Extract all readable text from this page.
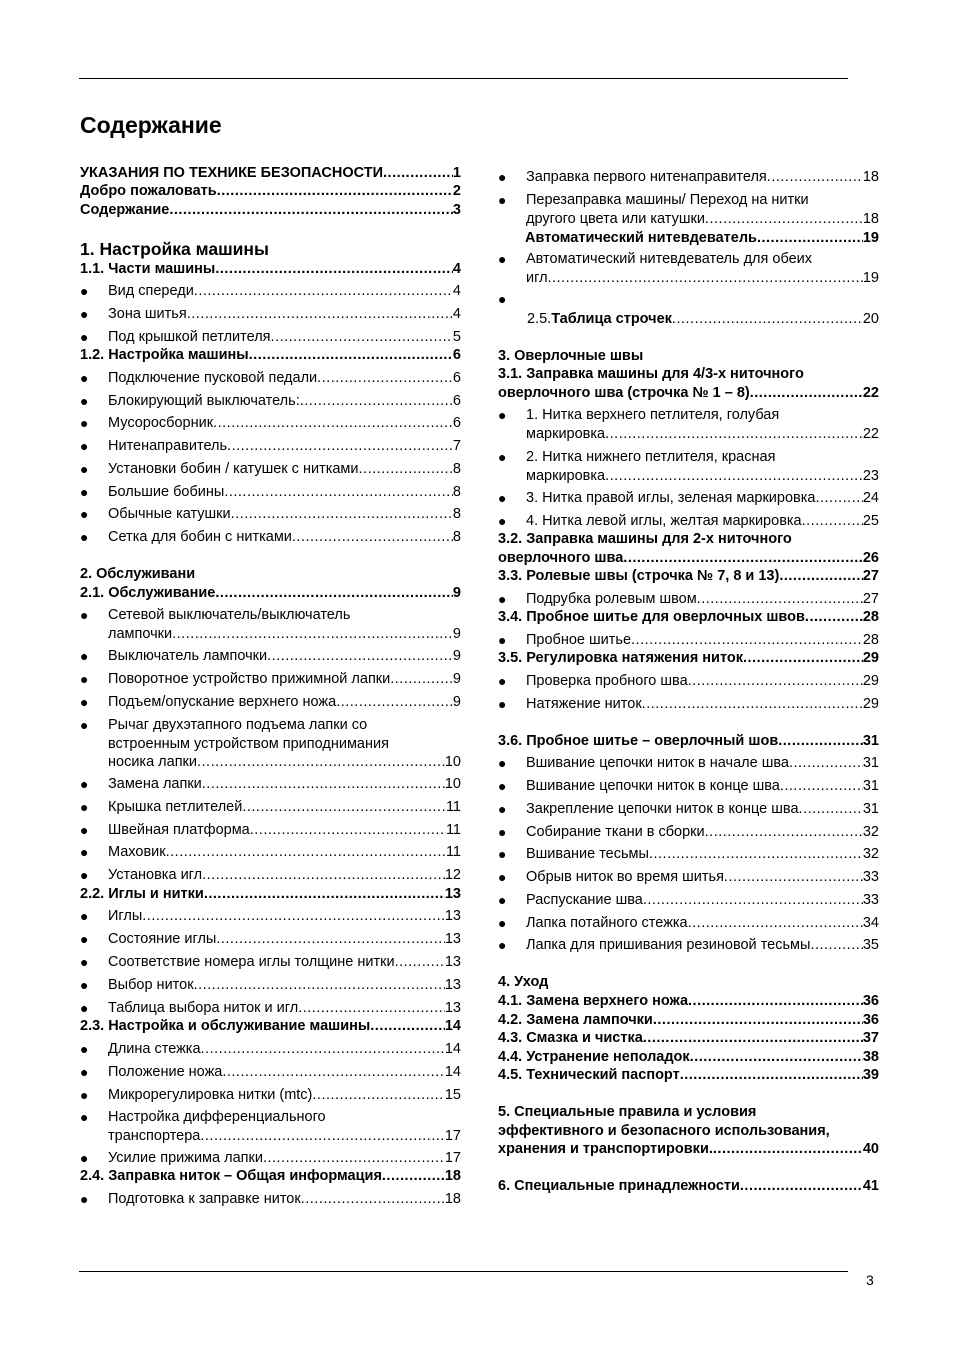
Содержание
УКАЗАНИЯ ПО ТЕХНИКЕ БЕЗОПАСНОСТИ .....	1
Добро пожаловать .....	2
Содержание .....	3
1. Настройка машины
1.1. Части машины .....	4
● Вид спереди .....	4
● Зона шитья .....	4
● Под крышкой петлителя .....	5
1.2. Настройка машины .....	6
● Подключение пусковой педали .....	6
● Блокирующий выключатель: .....	6
● Мусоросборник .....	6
● Нитенаправитель .....	7
● Установки бобин / катушек с нитками .....	8
● Большие бобины .....	8
● Обычные катушки .....	8
● Сетка для бобин с нитками .....	8
2. Обслуживани
2.1. Обслуживание .....	9
● Сетевой выключатель/выключатель
лампочки .....	9
● Выключатель лампочки .....	9
● Поворотное устройство прижимной лапки .....	9
● Подъем/опускание верхнего ножа .....	9
● Рычаг двухэтапного подъема лапки со
встроенным устройством приподнимания
носика лапки .....	10
● Замена лапки .....	10
● Крышка петлителей .....	11
● Швейная платформа .....	11
● Маховик .....	11
● Установка игл .....	12
2.2. Иглы и нитки .....	13
● Иглы .....	13
● Состояние иглы .....	13
● Соответствие номера иглы толщине нитки .....	13
● Выбор ниток .....	13
● Таблица выбора ниток и игл .....	13
2.3. Настройка и обслуживание машины .....	14
● Длина стежка .....	14
● Положение ножа .....	14
● Микрорегулировка нитки (mtc) .....	15
● Настройка дифференциального
транспортера .....	17
● Усилие прижима лапки .....	17
2.4. Заправка ниток – Общая информация .....	18
● Подготовка к заправке ниток .....	18
● Заправка первого нитенаправителя .....	18
● Перезаправка машины/ Переход на нитки
другого цвета или катушки .....	18
Автоматический нитевдеватель .....	19
● Автоматический нитевдеватель для обеих
игл .....	19
●
2.5. Таблица строчек .....	20
3. Оверлочные швы
3.1. Заправка машины для 4/3-х ниточного
оверлочного шва (строчка № 1 – 8) .....	22
● 1. Нитка верхнего петлителя, голубая
маркировка .....	22
● 2. Нитка нижнего петлителя, красная
маркировка .....	23
● 3. Нитка правой иглы, зеленая маркировка .....	24
● 4. Нитка левой иглы, желтая маркировка .....	25
3.2. Заправка машины для 2-х ниточного
оверлочного шва .....	26
3.3. Ролевые швы (строчка № 7, 8 и 13) .....	27
● Подрубка ролевым швом .....	27
3.4. Пробное шитье для оверлочных швов .....	28
● Пробное шитье .....	28
3.5. Регулировка натяжения ниток .....	29
● Проверка пробного шва .....	29
● Натяжение ниток .....	29
3.6. Пробное шитье – оверлочный шов .....	31
● Вшивание цепочки ниток в начале шва .....	31
● Вшивание цепочки ниток в конце шва .....	31
● Закрепление цепочки ниток в конце шва .....	31
● Собирание ткани в сборки .....	32
● Вшивание тесьмы .....	32
● Обрыв ниток во время шитья .....	33
● Распускание шва .....	33
● Лапка потайного стежка .....	34
● Лапка для пришивания резиновой тесьмы .....	35
4. Уход
4.1. Замена верхнего ножа .....	36
4.2. Замена лампочки .....	36
4.3. Смазка и чистка .....	37
4.4. Устранение неполадок .....	38
4.5. Технический паспорт .....	39
5. Специальные правила и условия
эффективного и безопасного использования,
хранения и транспортировки. .....	40
6. Специальные принадлежности .....	41
3
